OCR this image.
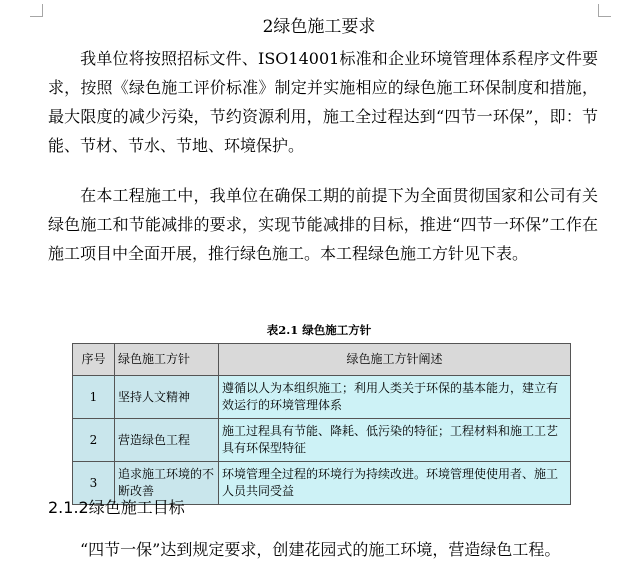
2绿色施工要求

我单位将按照招标文件、ISO14001标准和企业环境管理体系程序文件要求，按照《绿色施工评价标准》制定并实施相应的绿色施工环保制度和措施，最大限度的减少污染，节约资源利用，施工全过程达到“四节一环保”，即：节能、节材、节水、节地、环境保护。

在本工程施工中，我单位在确保工期的前提下为全面贯彻国家和公司有关绿色施工和节能减排的要求，实现节能减排的目标，推进“四节一环保”工作在施工项目中全面开展，推行绿色施工。本工程绿色施工方针见下表。

表2.1 绿色施工方针
序号	绿色施工方针	绿色施工方针阐述
1	坚持人文精神	遵循以人为本组织施工；利用人类关于环保的基本能力，建立有效运行的环境管理体系
2	营造绿色工程	施工过程具有节能、降耗、低污染的特征；工程材料和施工工艺具有环保型特征
3	追求施工环境的不断改善	环境管理全过程的环境行为持续改进。环境管理使使用者、施工人员共同受益
2.1.2绿色施工目标
“四节一保”达到规定要求，创建花园式的施工环境，营造绿色工程。
